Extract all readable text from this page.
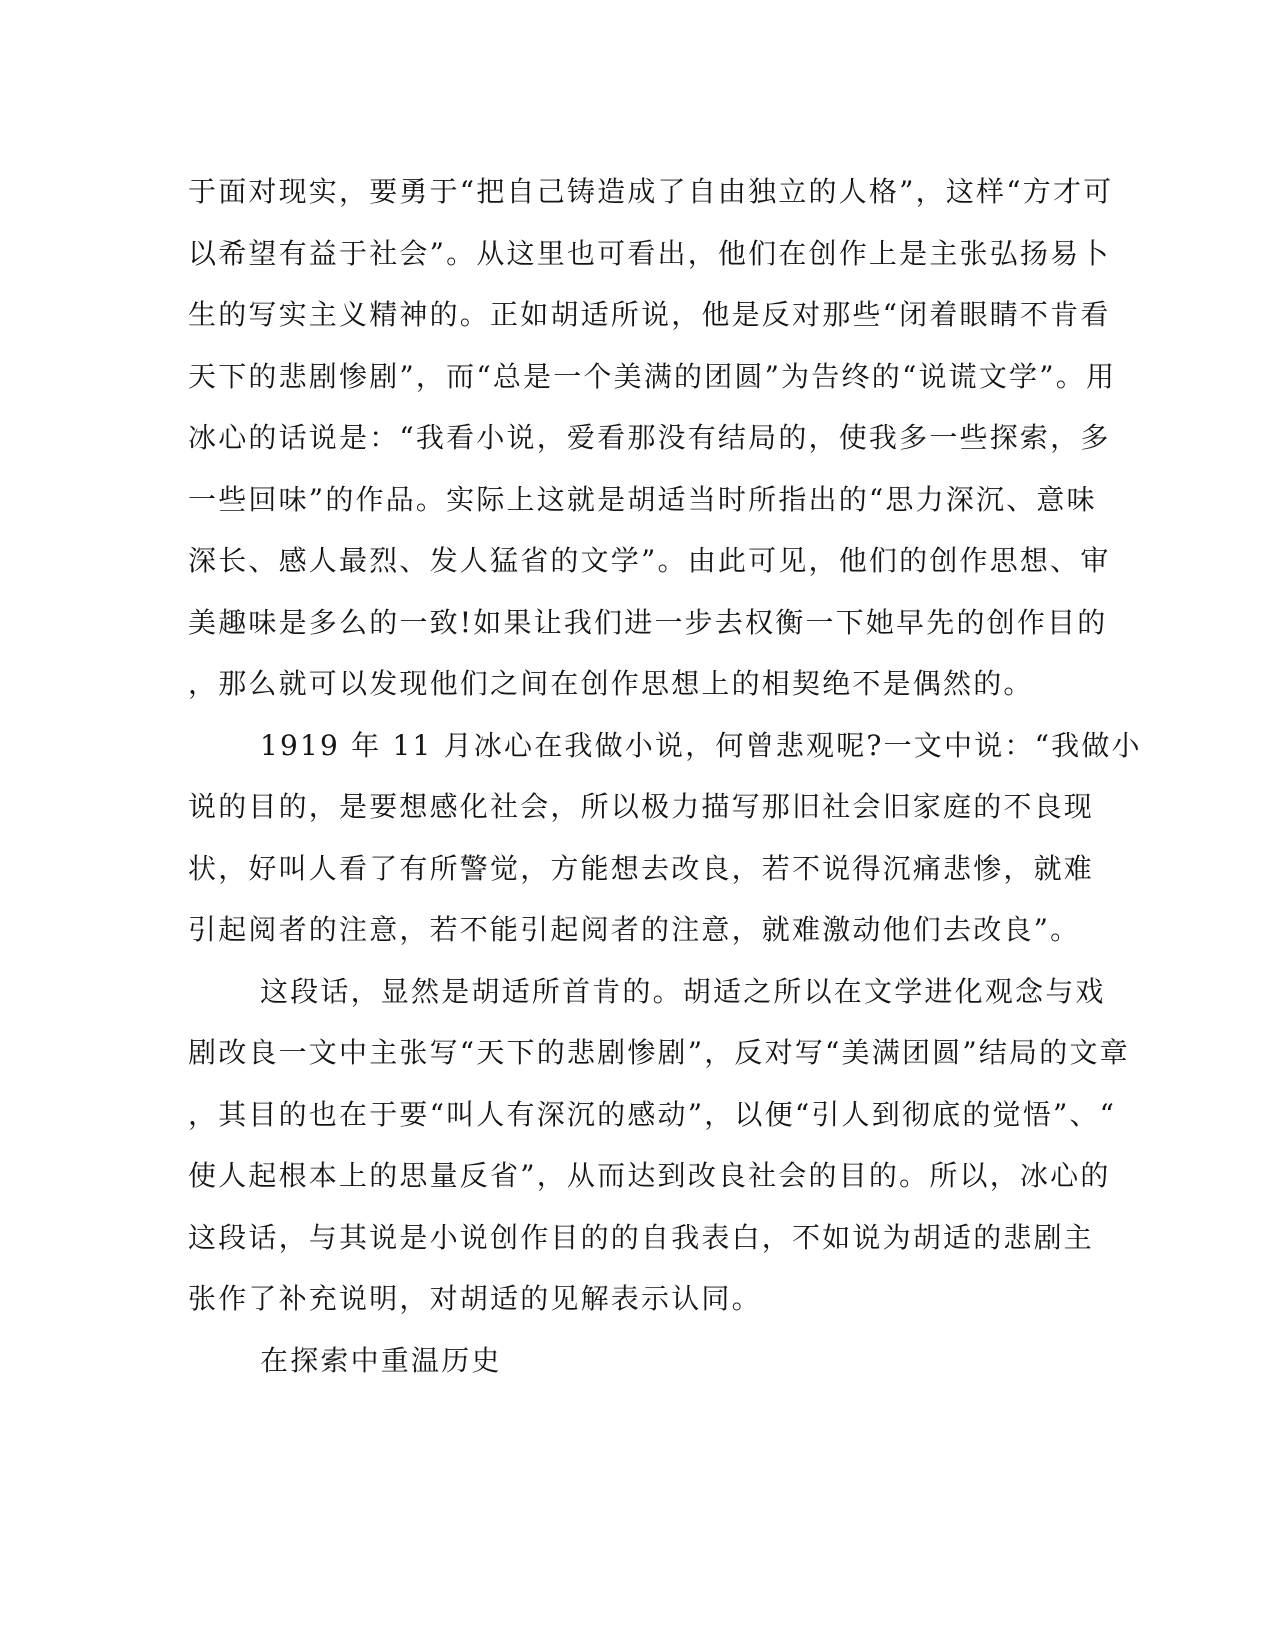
于面对现实，要勇于“把自己铸造成了自由独立的人格”，这样“方才可
以希望有益于社会”。从这里也可看出，他们在创作上是主张弘扬易卜
生的写实主义精神的。正如胡适所说，他是反对那些“闭着眼睛不肯看
天下的悲剧惨剧”，而“总是一个美满的团圆”为告终的“说谎文学”。用
冰心的话说是：“我看小说，爱看那没有结局的，使我多一些探索，多
一些回味”的作品。实际上这就是胡适当时所指出的“思力深沉、意味
深长、感人最烈、发人猛省的文学”。由此可见，他们的创作思想、审
美趣味是多么的一致!如果让我们进一步去权衡一下她早先的创作目的
，那么就可以发现他们之间在创作思想上的相契绝不是偶然的。
1919 年 11 月冰心在我做小说，何曾悲观呢?一文中说：“我做小
说的目的，是要想感化社会，所以极力描写那旧社会旧家庭的不良现
状，好叫人看了有所警觉，方能想去改良，若不说得沉痛悲惨，就难
引起阅者的注意，若不能引起阅者的注意，就难激动他们去改良”。
这段话，显然是胡适所首肯的。胡适之所以在文学进化观念与戏
剧改良一文中主张写“天下的悲剧惨剧”，反对写“美满团圆”结局的文章
，其目的也在于要“叫人有深沉的感动”，以便“引人到彻底的觉悟”、“
使人起根本上的思量反省”，从而达到改良社会的目的。所以，冰心的
这段话，与其说是小说创作目的的自我表白，不如说为胡适的悲剧主
张作了补充说明，对胡适的见解表示认同。
在探索中重温历史
